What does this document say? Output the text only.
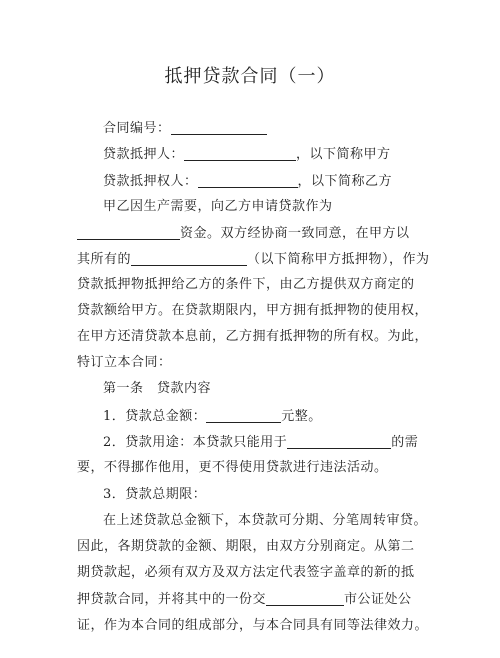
抵押贷款合同（一）
合同编号：
贷款抵押人：	，以下简称甲方
贷款抵押权人：	，以下简称乙方
甲乙因生产需要，向乙方申请贷款作为
资金。双方经协商一致同意，在甲方以
其所有的	（以下简称甲方抵押物），作为
贷款抵押物抵押给乙方的条件下，由乙方提供双方商定的
贷款额给甲方。在贷款期限内，甲方拥有抵押物的使用权，
在甲方还清贷款本息前，乙方拥有抵押物的所有权。为此，
特订立本合同：
第一条　贷款内容
1．贷款总金额：	元整。
2．贷款用途：本贷款只能用于	的需
要，不得挪作他用，更不得使用贷款进行违法活动。
3．贷款总期限：
在上述贷款总金额下，本贷款可分期、分笔周转审贷。
因此，各期贷款的金额、期限，由双方分别商定。从第二
期贷款起，必须有双方及双方法定代表签字盖章的新的抵
押贷款合同，并将其中的一份交	市公证处公
证，作为本合同的组成部分，与本合同具有同等法律效力。
